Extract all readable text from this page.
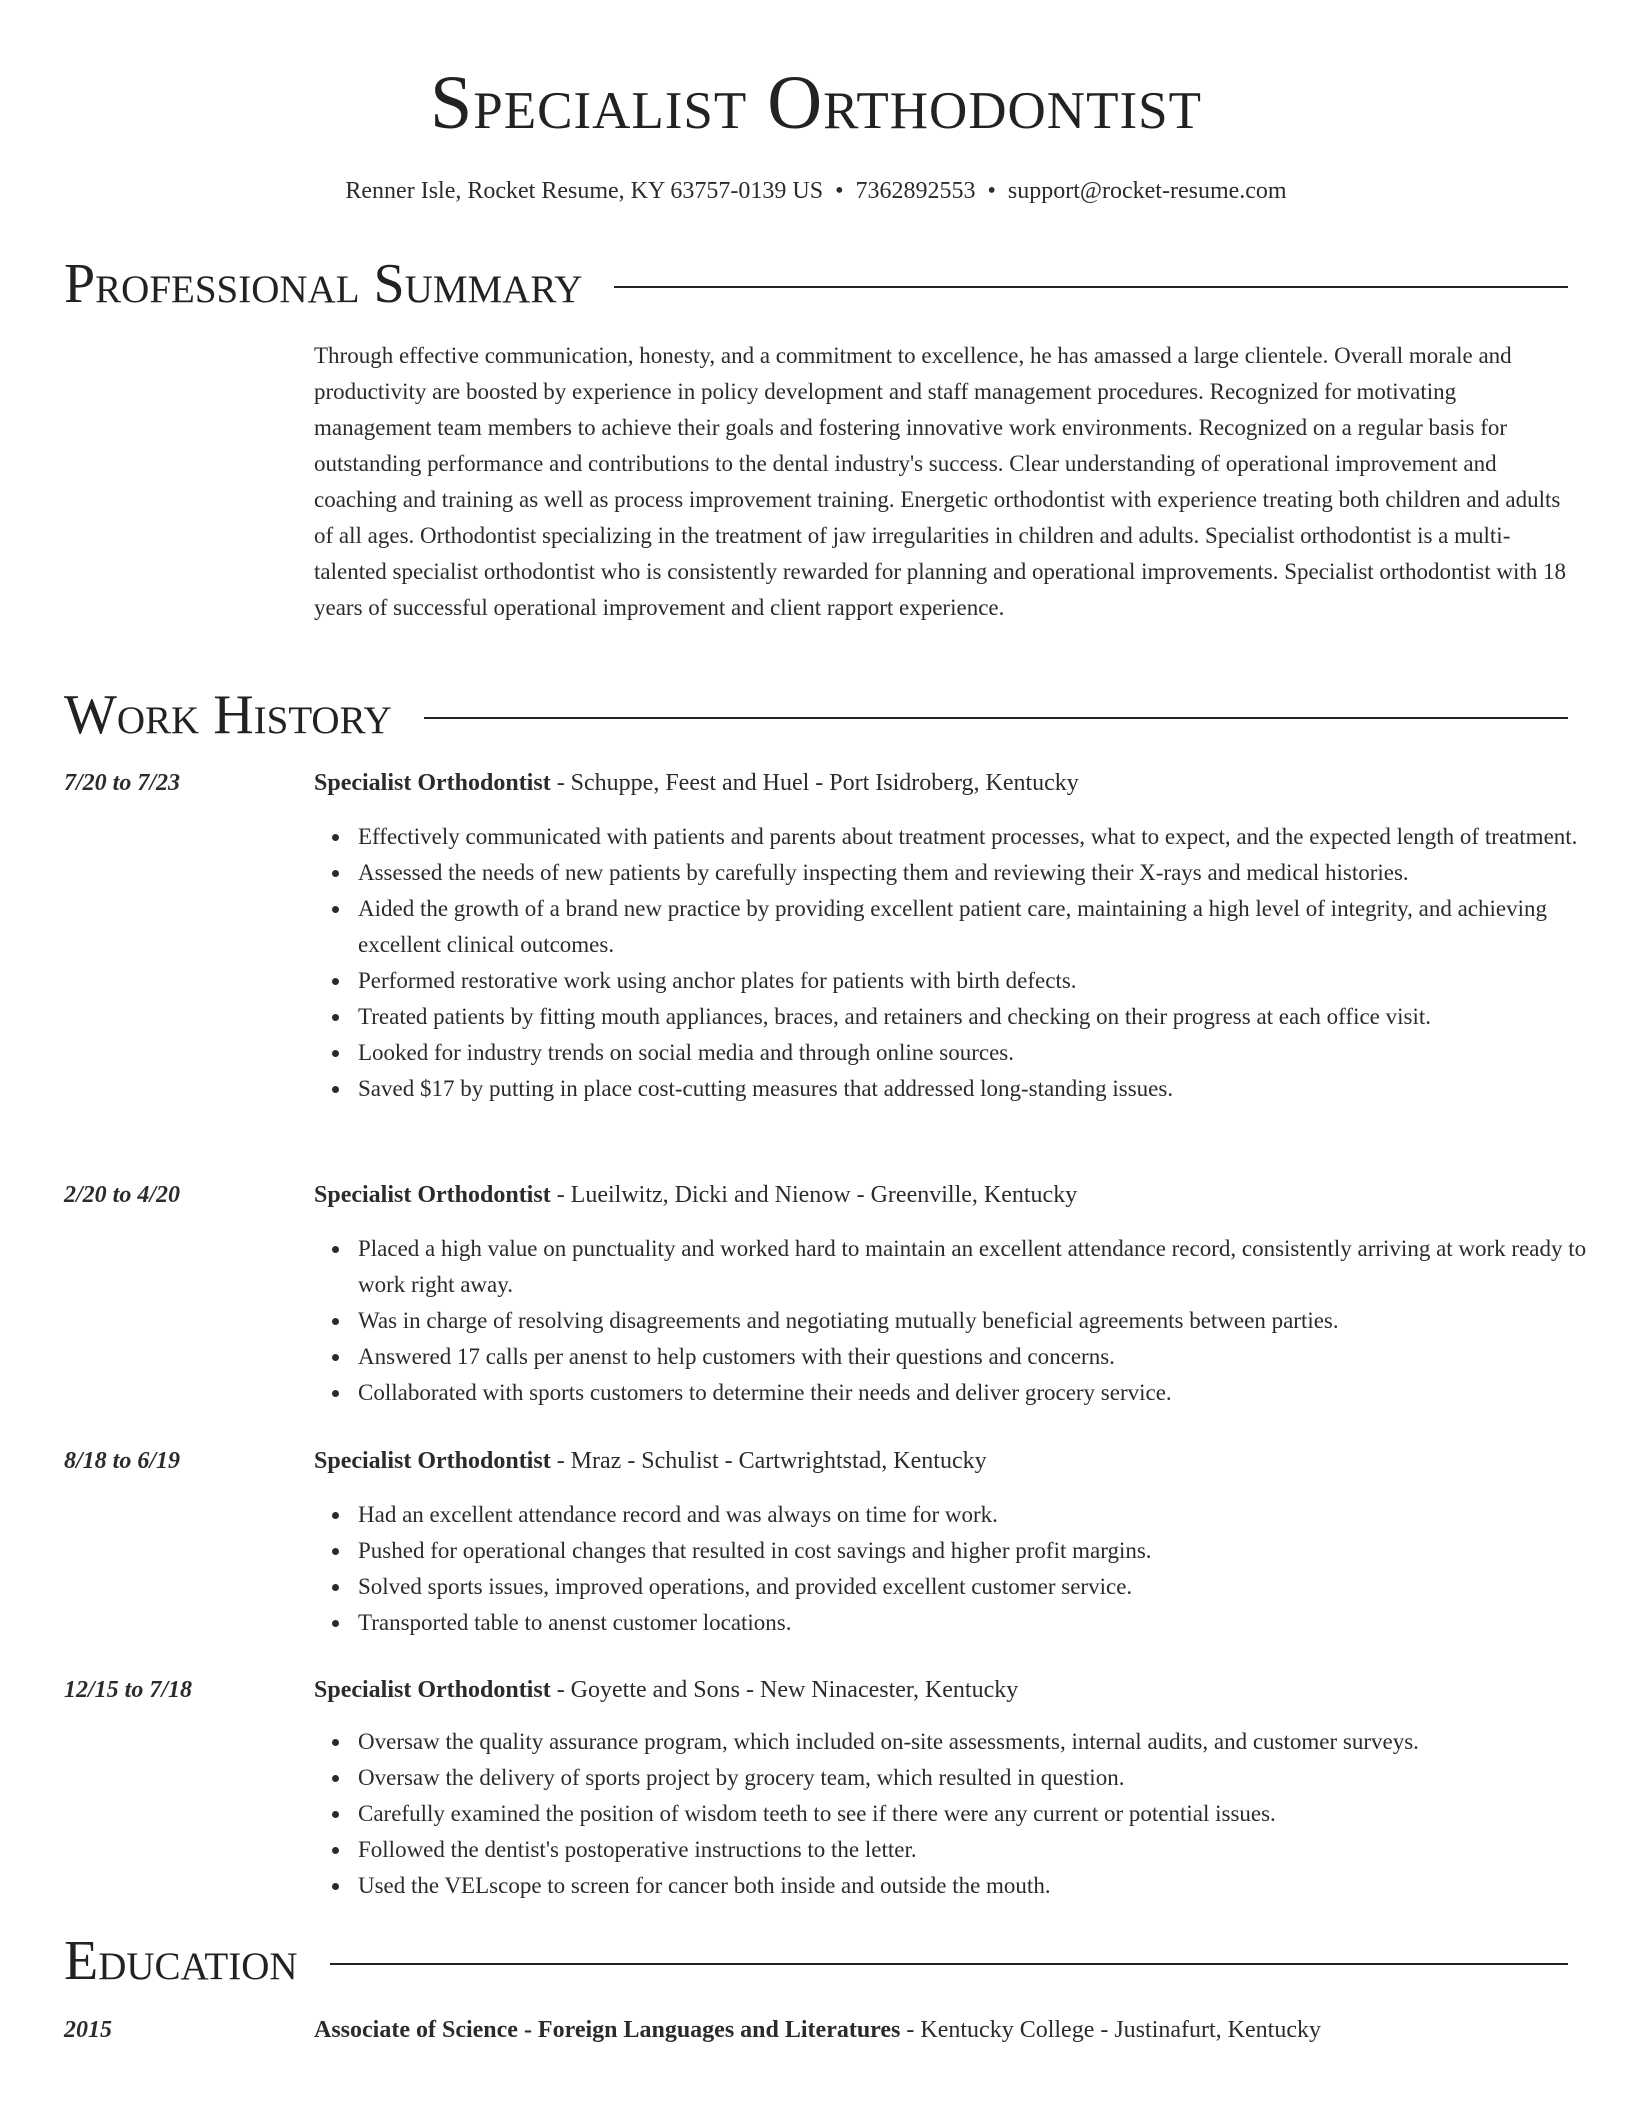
Specialist Orthodontist
Renner Isle, Rocket Resume, KY 63757-0139 US • 7362892553 • support@rocket-resume.com
Professional Summary
Through effective communication, honesty, and a commitment to excellence, he has amassed a large clientele. Overall morale and productivity are boosted by experience in policy development and staff management procedures. Recognized for motivating management team members to achieve their goals and fostering innovative work environments. Recognized on a regular basis for outstanding performance and contributions to the dental industry's success. Clear understanding of operational improvement and coaching and training as well as process improvement training. Energetic orthodontist with experience treating both children and adults of all ages. Orthodontist specializing in the treatment of jaw irregularities in children and adults. Specialist orthodontist is a multi-talented specialist orthodontist who is consistently rewarded for planning and operational improvements. Specialist orthodontist with 18 years of successful operational improvement and client rapport experience.
Work History
7/20 to 7/23	Specialist Orthodontist - Schuppe, Feest and Huel - Port Isidroberg, Kentucky
Effectively communicated with patients and parents about treatment processes, what to expect, and the expected length of treatment.
Assessed the needs of new patients by carefully inspecting them and reviewing their X-rays and medical histories.
Aided the growth of a brand new practice by providing excellent patient care, maintaining a high level of integrity, and achieving excellent clinical outcomes.
Performed restorative work using anchor plates for patients with birth defects.
Treated patients by fitting mouth appliances, braces, and retainers and checking on their progress at each office visit.
Looked for industry trends on social media and through online sources.
Saved $17 by putting in place cost-cutting measures that addressed long-standing issues.
2/20 to 4/20	Specialist Orthodontist - Lueilwitz, Dicki and Nienow - Greenville, Kentucky
Placed a high value on punctuality and worked hard to maintain an excellent attendance record, consistently arriving at work ready to work right away.
Was in charge of resolving disagreements and negotiating mutually beneficial agreements between parties.
Answered 17 calls per anenst to help customers with their questions and concerns.
Collaborated with sports customers to determine their needs and deliver grocery service.
8/18 to 6/19	Specialist Orthodontist - Mraz - Schulist - Cartwrightstad, Kentucky
Had an excellent attendance record and was always on time for work.
Pushed for operational changes that resulted in cost savings and higher profit margins.
Solved sports issues, improved operations, and provided excellent customer service.
Transported table to anenst customer locations.
12/15 to 7/18	Specialist Orthodontist - Goyette and Sons - New Ninacester, Kentucky
Oversaw the quality assurance program, which included on-site assessments, internal audits, and customer surveys.
Oversaw the delivery of sports project by grocery team, which resulted in question.
Carefully examined the position of wisdom teeth to see if there were any current or potential issues.
Followed the dentist's postoperative instructions to the letter.
Used the VELscope to screen for cancer both inside and outside the mouth.
Education
2015	Associate of Science - Foreign Languages and Literatures - Kentucky College - Justinafurt, Kentucky
